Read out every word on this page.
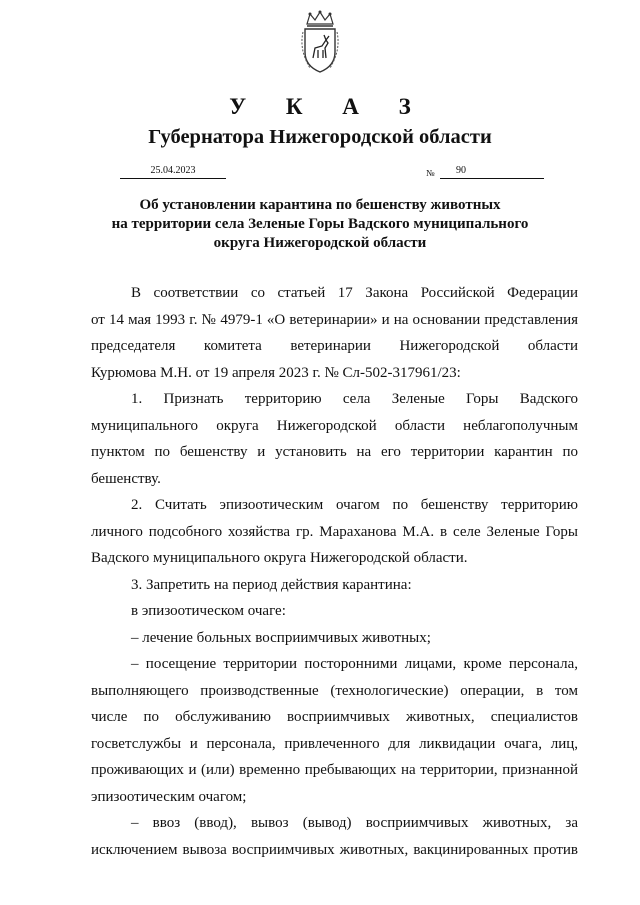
У К А З
Губернатора Нижегородской области
25.04.2023	№	90
Об установлении карантина по бешенству животных
на территории села Зеленые Горы Вадского муниципального
округа Нижегородской области

В соответствии со статьей 17 Закона Российской Федерации
от 14 мая 1993 г. № 4979-1 «О ветеринарии» и на основании представления
председателя комитета ветеринарии Нижегородской области
Курюмова М.Н. от 19 апреля 2023 г. № Сл-502-317961/23:

1. Признать территорию села Зеленые Горы Вадского
муниципального округа Нижегородской области неблагополучным
пунктом по бешенству и установить на его территории карантин по
бешенству.

2. Считать эпизоотическим очагом по бешенству территорию
личного подсобного хозяйства гр. Мараханова М.А. в селе Зеленые Горы
Вадского муниципального округа Нижегородской области.

3. Запретить на период действия карантина:

в эпизоотическом очаге:

– лечение больных восприимчивых животных;

– посещение территории посторонними лицами, кроме персонала,
выполняющего производственные (технологические) операции, в том
числе по обслуживанию восприимчивых животных, специалистов
госветслужбы и персонала, привлеченного для ликвидации очага, лиц,
проживающих и (или) временно пребывающих на территории, признанной
эпизоотическим очагом;

– ввоз (ввод), вывоз (вывод) восприимчивых животных, за
исключением вывоза восприимчивых животных, вакцинированных против
